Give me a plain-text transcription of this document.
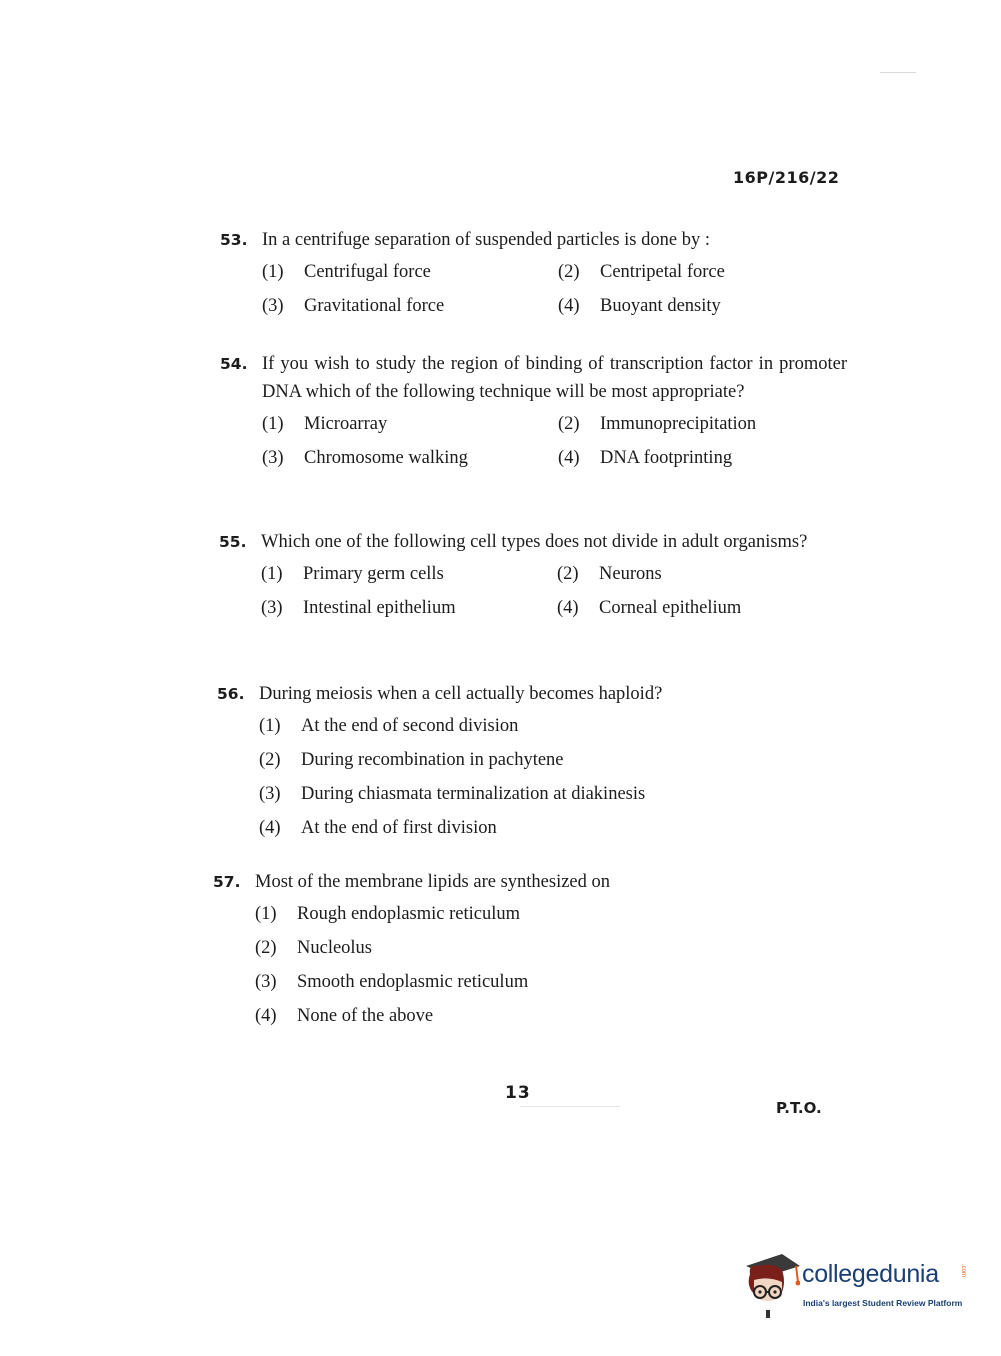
16P/216/22
53. In a centrifuge separation of suspended particles is done by :
(1) Centrifugal force	(2) Centripetal force
(3) Gravitational force	(4) Buoyant density
54. If you wish to study the region of binding of transcription factor in promoter DNA which of the following technique will be most appropriate?
(1) Microarray	(2) Immunoprecipitation
(3) Chromosome walking	(4) DNA footprinting
55. Which one of the following cell types does not divide in adult organisms?
(1) Primary germ cells	(2) Neurons
(3) Intestinal epithelium	(4) Corneal epithelium
56. During meiosis when a cell actually becomes haploid?
(1) At the end of second division
(2) During recombination in pachytene
(3) During chiasmata terminalization at diakinesis
(4) At the end of first division
57. Most of the membrane lipids are synthesized on
(1) Rough endoplasmic reticulum
(2) Nucleolus
(3) Smooth endoplasmic reticulum
(4) None of the above
13
P.T.O.
collegedunia	.com
India's largest Student Review Platform
